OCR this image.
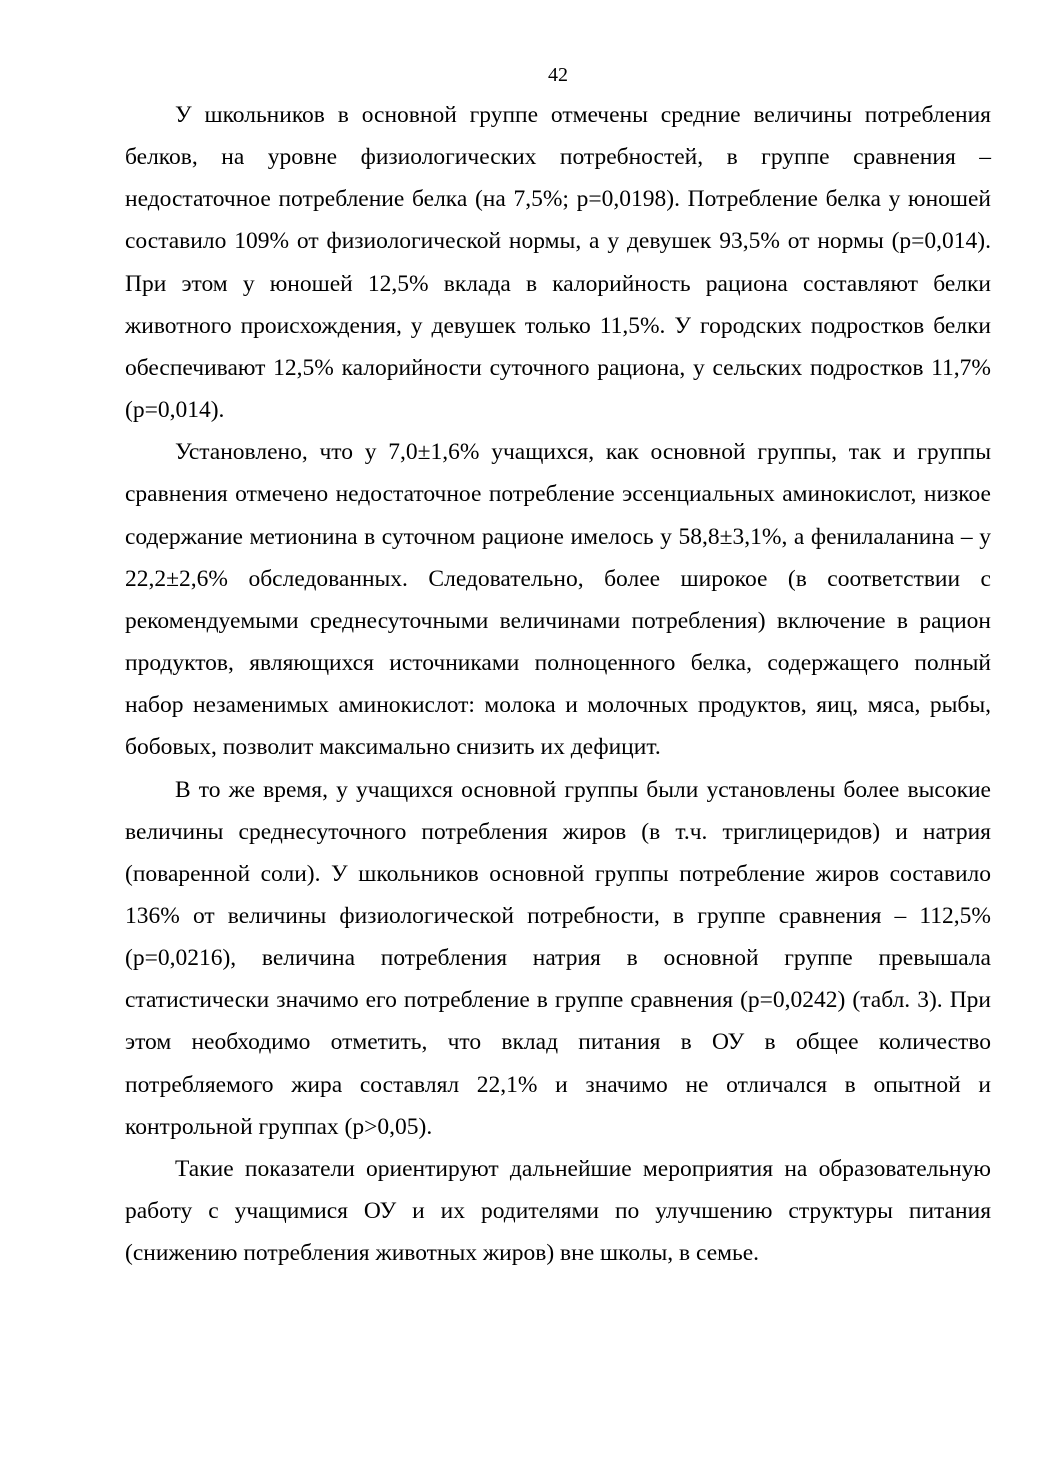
42

У школьников в основной группе отмечены средние величины потребления белков, на уровне физиологических потребностей, в группе сравнения – недостаточное потребление белка (на 7,5%; р=0,0198). Потребление белка у юношей составило 109% от физиологической нормы, а у девушек 93,5% от нормы (р=0,014). При этом у юношей 12,5% вклада в калорийность рациона составляют белки животного происхождения, у девушек только 11,5%. У городских подростков белки обеспечивают 12,5% калорийности суточного рациона, у сельских подростков 11,7% (р=0,014).

Установлено, что у 7,0±1,6% учащихся, как основной группы, так и группы сравнения отмечено недостаточное потребление эссенциальных аминокислот, низкое содержание метионина в суточном рационе имелось у 58,8±3,1%, а фенилаланина – у 22,2±2,6% обследованных. Следовательно, более широкое (в соответствии с рекомендуемыми среднесуточными величинами потребления) включение в рацион продуктов, являющихся источниками полноценного белка, содержащего полный набор незаменимых аминокислот: молока и молочных продуктов, яиц, мяса, рыбы, бобовых, позволит максимально снизить их дефицит.

В то же время, у учащихся основной группы были установлены более высокие величины среднесуточного потребления жиров (в т.ч. триглицеридов) и натрия (поваренной соли). У школьников основной группы потребление жиров составило 136% от величины физиологической потребности, в группе сравнения – 112,5% (р=0,0216), величина потребления натрия в основной группе превышала статистически значимо его потребление в группе сравнения (р=0,0242) (табл. 3). При этом необходимо отметить, что вклад питания в ОУ в общее количество потребляемого жира составлял 22,1% и значимо не отличался в опытной и контрольной группах (р>0,05).

Такие показатели ориентируют дальнейшие мероприятия на образовательную работу с учащимися ОУ и их родителями по улучшению структуры питания (снижению потребления животных жиров) вне школы, в семье.
